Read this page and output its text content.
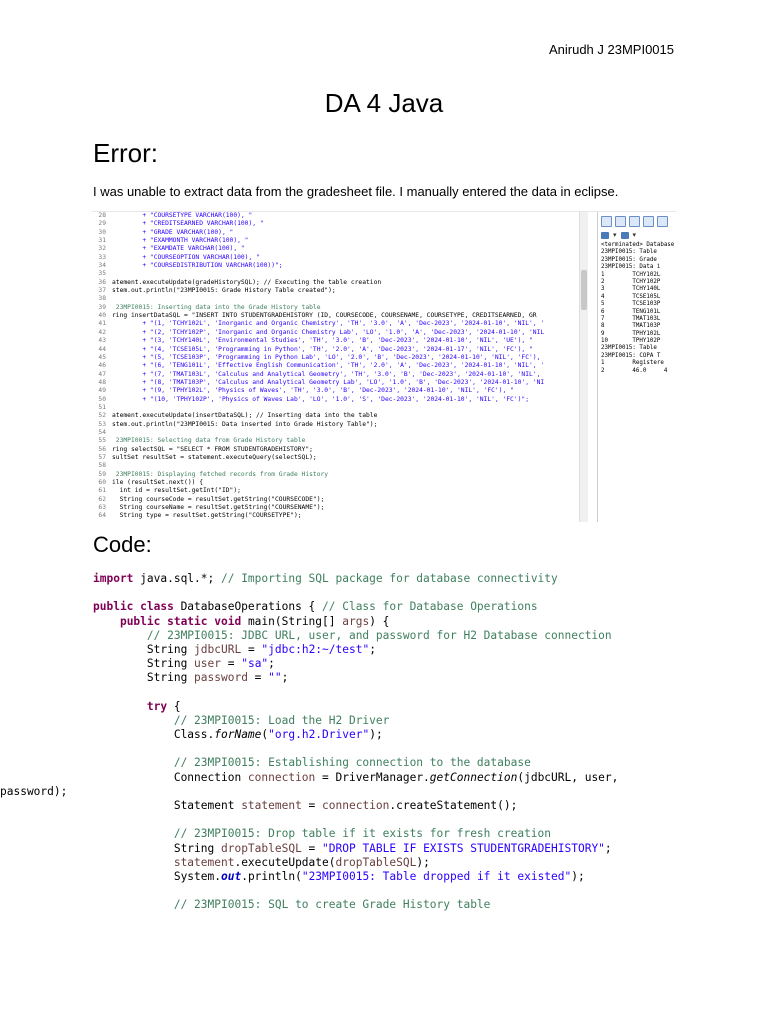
Anirudh J 23MPI0015
DA 4 Java
Error:
I was unable to extract data from the gradesheet file. I manually entered the data in eclipse.
28        + "COURSETYPE VARCHAR(100), "
29        + "CREDITSEARNED VARCHAR(100), "
30        + "GRADE VARCHAR(100), "
31        + "EXAMMONTH VARCHAR(100), "
32        + "EXAMDATE VARCHAR(100), "
33        + "COURSEOPTION VARCHAR(100), "
34        + "COURSEDISTRIBUTION VARCHAR(100))";
35
36 atement.executeUpdate(gradeHistorySQL); // Executing the table creation
37 stem.out.println("23MPI0015: Grade History Table created");
38
39 23MPI0015: Inserting data into the Grade History table
40 ring insertDataSQL = "INSERT INTO STUDENTGRADEHISTORY (ID, COURSECODE, COURSENAME, COURSETYPE, CREDITSEARNED, GR
41        + "(1, 'TCHY102L', 'Inorganic and Organic Chemistry', 'TH', '3.0', 'A', 'Dec-2023', '2024-01-10', 'NIL', '
42        + "(2, 'TCHY102P', 'Inorganic and Organic Chemistry Lab', 'LO', '1.0', 'A', 'Dec-2023', '2024-01-10', 'NIL
43        + "(3, 'TCHY140L', 'Environmental Studies', 'TH', '3.0', 'B', 'Dec-2023', '2024-01-10', 'NIL', 'UE'), "
44        + "(4, 'TCSE105L', 'Programming in Python', 'TH', '2.0', 'A', 'Dec-2023', '2024-01-17', 'NIL', 'FC'), "
45        + "(5, 'TCSE103P', 'Programming in Python Lab', 'LO', '2.0', 'B', 'Dec-2023', '2024-01-10', 'NIL', 'FC'),
46        + "(6, 'TENG101L', 'Effective English Communication', 'TH', '2.0', 'A', 'Dec-2023', '2024-01-10', 'NIL', '
47        + "(7, 'TMAT103L', 'Calculus and Analytical Geometry', 'TH', '3.0', 'B', 'Dec-2023', '2024-01-10', 'NIL',
48        + "(8, 'TMAT103P', 'Calculus and Analytical Geometry Lab', 'LO', '1.0', 'B', 'Dec-2023', '2024-01-10', 'NI
49        + "(9, 'TPHY102L', 'Physics of Waves', 'TH', '3.0', 'B', 'Dec-2023', '2024-01-10', 'NIL', 'FC'), "
50        + "(10, 'TPHY102P', 'Physics of Waves Lab', 'LO', '1.0', 'S', 'Dec-2023', '2024-01-10', 'NIL', 'FC')";
51
52 atement.executeUpdate(insertDataSQL); // Inserting data into the table
53 stem.out.println("23MPI0015: Data inserted into Grade History Table");
54
55 23MPI0015: Selecting data from Grade History table
56 ring selectSQL = "SELECT * FROM STUDENTGRADEHISTORY";
57 sultSet resultSet = statement.executeQuery(selectSQL);
58
59 23MPI0015: Displaying fetched records from Grade History
60 ile (resultSet.next()) {
61  int id = resultSet.getInt("ID");
62  String courseCode = resultSet.getString("COURSECODE");
63  String courseName = resultSet.getString("COURSENAME");
64  String type = resultSet.getString("COURSETYPE");
▾ ▾
<terminated> Database
23MPI0015: Table
23MPI0015: Grade
23MPI0015: Data i
1        TCHY102L
2        TCHY102P
3        TCHY140L
4        TCSE105L
5        TCSE103P
6        TENG101L
7        TMAT103L
8        TMAT103P
9        TPHY102L
10       TPHY102P
23MPI0015: Table
23MPI0015: COPA T
1        Registere
2        46.0     4
Code:
import java.sql.*; // Importing SQL package for database connectivity

public class DatabaseOperations { // Class for Database Operations
public static void main(String[] args) {
// 23MPI0015: JDBC URL, user, and password for H2 Database connection
String jdbcURL = "jdbc:h2:~/test";
String user = "sa";
String password = "";

try {
// 23MPI0015: Load the H2 Driver
Class.forName("org.h2.Driver");

// 23MPI0015: Establishing connection to the database
Connection connection = DriverManager.getConnection(jdbcURL, user,
password);
Statement statement = connection.createStatement();

// 23MPI0015: Drop table if it exists for fresh creation
String dropTableSQL = "DROP TABLE IF EXISTS STUDENTGRADEHISTORY";
statement.executeUpdate(dropTableSQL);
System.out.println("23MPI0015: Table dropped if it existed");

// 23MPI0015: SQL to create Grade History table
